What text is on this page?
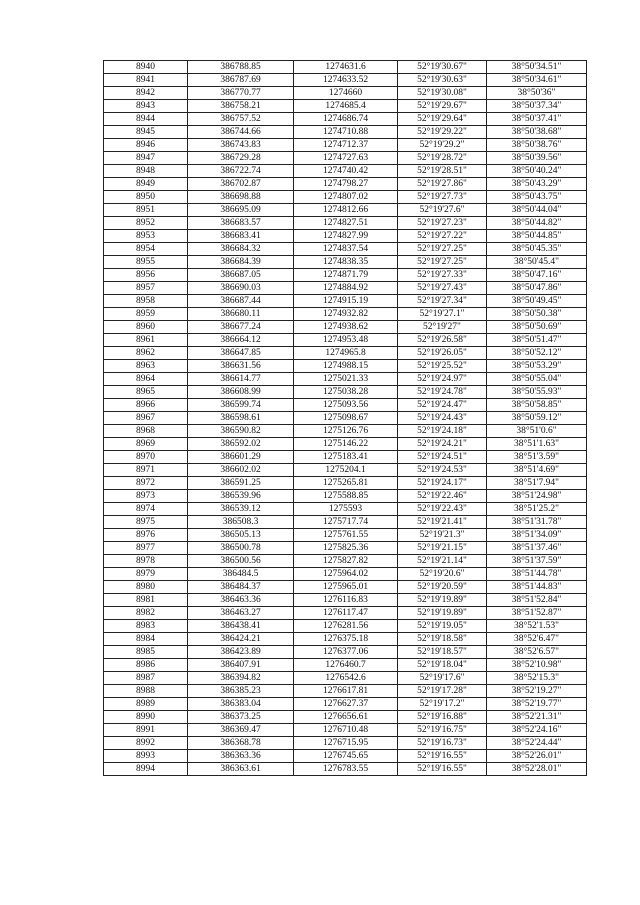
8940	386788.85	1274631.6	52°19'30.67"	38°50'34.51"
8941	386787.69	1274633.52	52°19'30.63"	38°50'34.61"
8942	386770.77	1274660	52°19'30.08"	38°50'36"
8943	386758.21	1274685.4	52°19'29.67"	38°50'37.34"
8944	386757.52	1274686.74	52°19'29.64"	38°50'37.41"
8945	386744.66	1274710.88	52°19'29.22"	38°50'38.68"
8946	386743.83	1274712.37	52°19'29.2"	38°50'38.76"
8947	386729.28	1274727.63	52°19'28.72"	38°50'39.56"
8948	386722.74	1274740.42	52°19'28.51"	38°50'40.24"
8949	386702.87	1274798.27	52°19'27.86"	38°50'43.29"
8950	386698.88	1274807.02	52°19'27.73"	38°50'43.75"
8951	386695.09	1274812.66	52°19'27.6"	38°50'44.04"
8952	386683.57	1274827.51	52°19'27.23"	38°50'44.82"
8953	386683.41	1274827.99	52°19'27.22"	38°50'44.85"
8954	386684.32	1274837.54	52°19'27.25"	38°50'45.35"
8955	386684.39	1274838.35	52°19'27.25"	38°50'45.4"
8956	386687.05	1274871.79	52°19'27.33"	38°50'47.16"
8957	386690.03	1274884.92	52°19'27.43"	38°50'47.86"
8958	386687.44	1274915.19	52°19'27.34"	38°50'49.45"
8959	386680.11	1274932.82	52°19'27.1"	38°50'50.38"
8960	386677.24	1274938.62	52°19'27"	38°50'50.69"
8961	386664.12	1274953.48	52°19'26.58"	38°50'51.47"
8962	386647.85	1274965.8	52°19'26.05"	38°50'52.12"
8963	386631.56	1274988.15	52°19'25.52"	38°50'53.29"
8964	386614.77	1275021.33	52°19'24.97"	38°50'55.04"
8965	386608.99	1275038.28	52°19'24.78"	38°50'55.93"
8966	386599.74	1275093.56	52°19'24.47"	38°50'58.85"
8967	386598.61	1275098.67	52°19'24.43"	38°50'59.12"
8968	386590.82	1275126.76	52°19'24.18"	38°51'0.6"
8969	386592.02	1275146.22	52°19'24.21"	38°51'1.63"
8970	386601.29	1275183.41	52°19'24.51"	38°51'3.59"
8971	386602.02	1275204.1	52°19'24.53"	38°51'4.69"
8972	386591.25	1275265.81	52°19'24.17"	38°51'7.94"
8973	386539.96	1275588.85	52°19'22.46"	38°51'24.98"
8974	386539.12	1275593	52°19'22.43"	38°51'25.2"
8975	386508.3	1275717.74	52°19'21.41"	38°51'31.78"
8976	386505.13	1275761.55	52°19'21.3"	38°51'34.09"
8977	386500.78	1275825.36	52°19'21.15"	38°51'37.46"
8978	386500.56	1275827.82	52°19'21.14"	38°51'37.59"
8979	386484.5	1275964.02	52°19'20.6"	38°51'44.78"
8980	386484.37	1275965.01	52°19'20.59"	38°51'44.83"
8981	386463.36	1276116.83	52°19'19.89"	38°51'52.84"
8982	386463.27	1276117.47	52°19'19.89"	38°51'52.87"
8983	386438.41	1276281.56	52°19'19.05"	38°52'1.53"
8984	386424.21	1276375.18	52°19'18.58"	38°52'6.47"
8985	386423.89	1276377.06	52°19'18.57"	38°52'6.57"
8986	386407.91	1276460.7	52°19'18.04"	38°52'10.98"
8987	386394.82	1276542.6	52°19'17.6"	38°52'15.3"
8988	386385.23	1276617.81	52°19'17.28"	38°52'19.27"
8989	386383.04	1276627.37	52°19'17.2"	38°52'19.77"
8990	386373.25	1276656.61	52°19'16.88"	38°52'21.31"
8991	386369.47	1276710.48	52°19'16.75"	38°52'24.16"
8992	386368.78	1276715.95	52°19'16.73"	38°52'24.44"
8993	386363.36	1276745.65	52°19'16.55"	38°52'26.01"
8994	386363.61	1276783.55	52°19'16.55"	38°52'28.01"
